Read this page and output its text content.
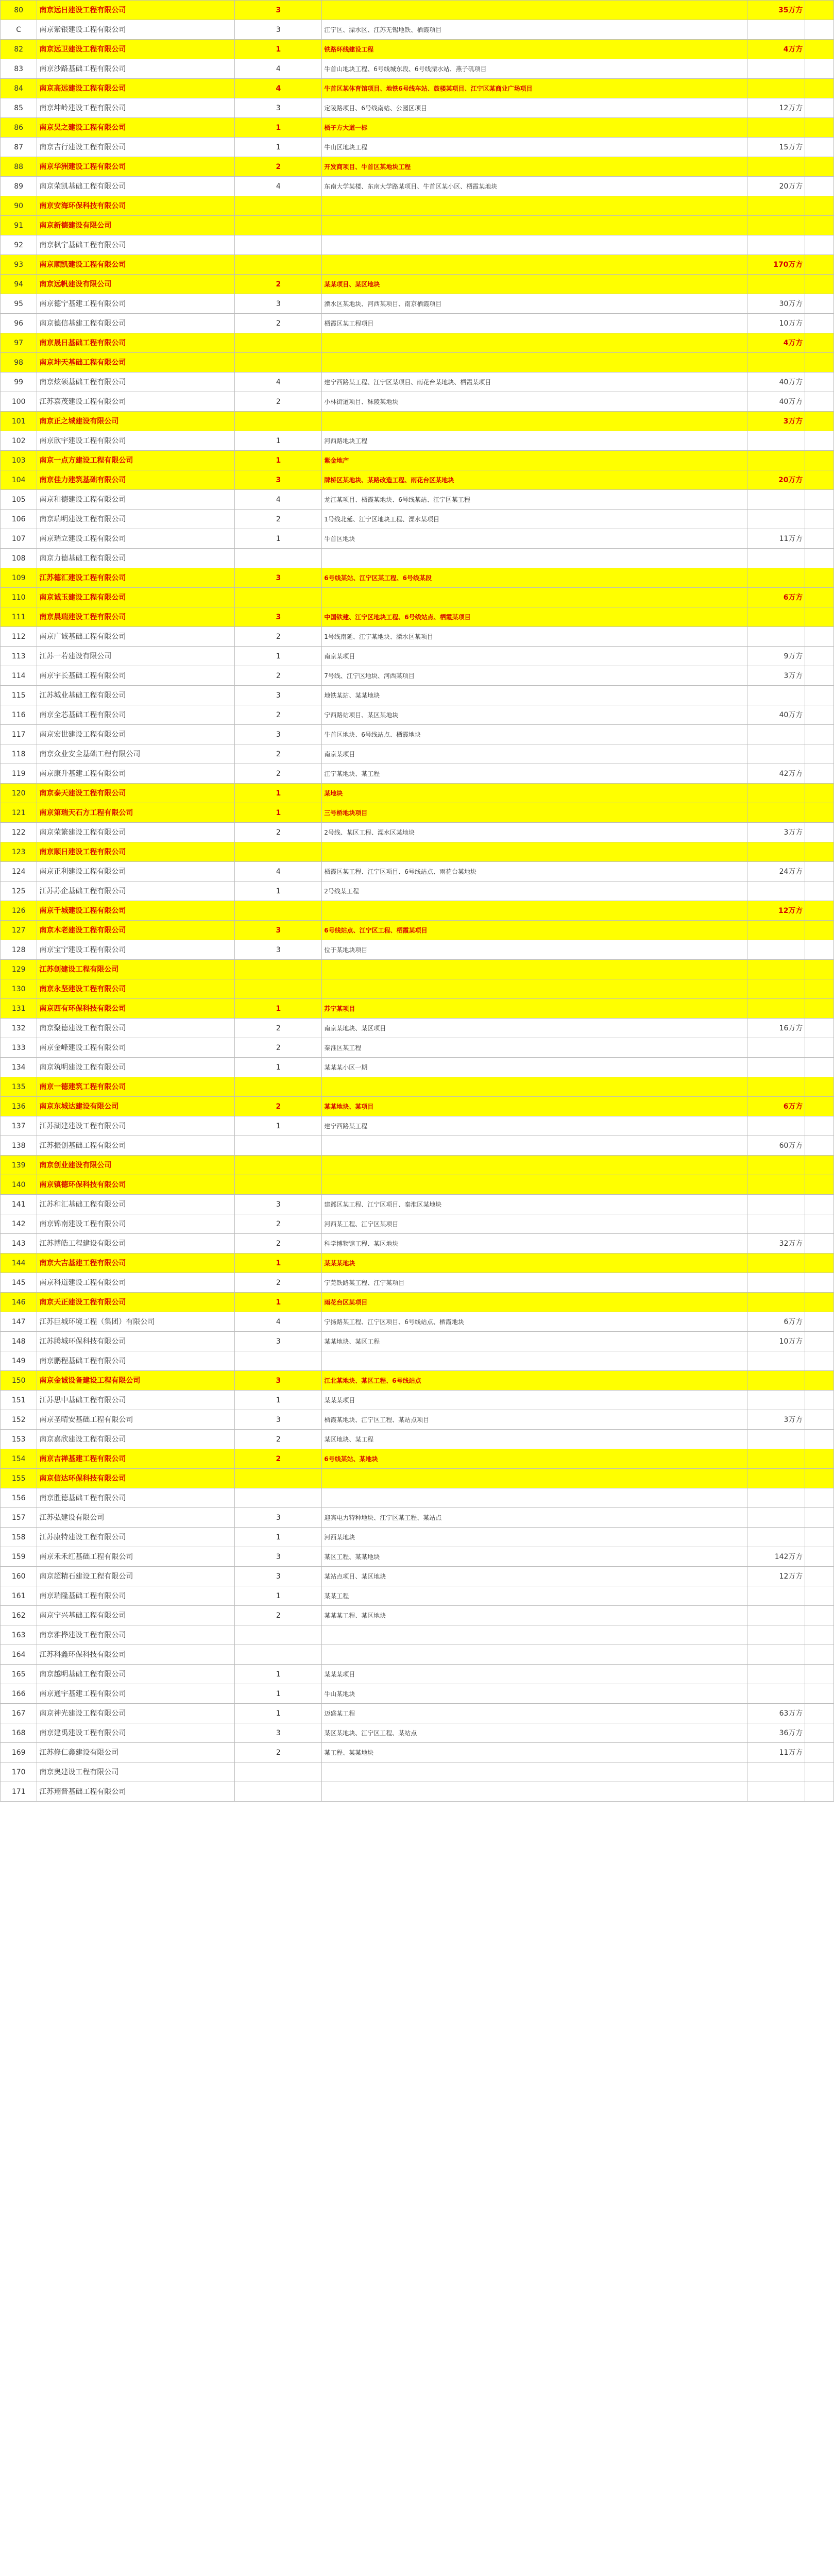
80	南京远日建设工程有限公司	3		35万方	
C	南京紫银建设工程有限公司	3	江宁区、溧水区、江苏无锡地铁、栖霞项目		
82	南京远卫建设工程有限公司	1	铁路环线建设工程	4万方	
83	南京沙路基础工程有限公司	4	牛首山地块工程、6号线城东段、6号线溧水站、燕子矶项目		
84	南京高远建设工程有限公司	4	牛首区某体育馆项目、地铁6号线车站、鼓楼某项目、江宁区某商业广场项目		
85	南京坤岭建设工程有限公司	3	定陵路项目、6号线南站、公园区项目	12万方	
86	南京吴之建设工程有限公司	1	栖子方大道一标		
87	南京吉行建设工程有限公司	1	牛山区地块工程	15万方	
88	南京华洲建设工程有限公司	2	开发商项目、牛首区某地块工程		
89	南京荣凯基础工程有限公司	4	东南大学某楼、东南大学路某项目、牛首区某小区、栖霞某地块	20万方	
90	南京安海环保科技有限公司				
91	南京新德建设有限公司				
92	南京枫宁基础工程有限公司				
93	南京顺凯建设工程有限公司			170万方	
94	南京远帆建设有限公司	2	某某项目、某区地块		
95	南京德宁基建工程有限公司	3	溧水区某地块、河西某项目、南京栖霞项目	30万方	
96	南京德信基建工程有限公司	2	栖霞区某工程项目	10万方	
97	南京晟日基础工程有限公司			4万方	
98	南京坤天基础工程有限公司				
99	南京炫硕基础工程有限公司	4	建宁西路某工程、江宁区某项目、雨花台某地块、栖霞某项目	40万方	
100	江苏嘉茂建设工程有限公司	2	小林街道项目、秣陵某地块	40万方	
101	南京正之城建设有限公司			3万方	
102	南京欣宇建设工程有限公司	1	河西路地块工程		
103	南京一点方建设工程有限公司	1	紫金地产		
104	南京佳力建筑基础有限公司	3	牌桥区某地块、某路改造工程、雨花台区某地块	20万方	
105	南京和德建设工程有限公司	4	龙江某项目、栖霞某地块、6号线某站、江宁区某工程		
106	南京瑞明建设工程有限公司	2	1号线北延、江宁区地块工程、溧水某项目		
107	南京瑞立建设工程有限公司	1	牛首区地块	11万方	
108	南京力德基础工程有限公司				
109	江苏德汇建设工程有限公司	3	6号线某站、江宁区某工程、6号线某段		
110	南京诚玉建设工程有限公司			6万方	
111	南京晨瑞建设工程有限公司	3	中国铁建、江宁区地块工程、6号线站点、栖霞某项目		
112	南京广诚基础工程有限公司	2	1号线南延、江宁某地块、溧水区某项目		
113	江苏一若建设有限公司	1	南京某项目	9万方	
114	南京宇长基础工程有限公司	2	7号线、江宁区地块、河西某项目	3万方	
115	江苏城业基础工程有限公司	3	地铁某站、某某地块		
116	南京全芯基础工程有限公司	2	宁西路站项目、某区某地块	40万方	
117	南京宏世建设工程有限公司	3	牛首区地块、6号线站点、栖霞地块		
118	南京众业安全基础工程有限公司	2	南京某项目		
119	南京康升基建工程有限公司	2	江宁某地块、某工程	42万方	
120	南京泰天建设工程有限公司	1	某地块		
121	南京第瑞天石方工程有限公司	1	三号桥地块项目		
122	南京荣繁建设工程有限公司	2	2号线、某区工程、溧水区某地块	3万方	
123	南京顺日建设工程有限公司				
124	南京正利建设工程有限公司	4	栖霞区某工程、江宁区项目、6号线站点、雨花台某地块	24万方	
125	江苏苏企基础工程有限公司	1	2号线某工程		
126	南京千城建设工程有限公司			12万方	
127	南京木老建设工程有限公司	3	6号线站点、江宁区工程、栖霞某项目		
128	南京宝宁建设工程有限公司	3	位于某地块项目		
129	江苏创建设工程有限公司				
130	南京永坚建设工程有限公司				
131	南京西有环保科技有限公司	1	苏宁某项目		
132	南京聚德建设工程有限公司	2	南京某地块、某区项目	16万方	
133	南京金峰建设工程有限公司	2	秦淮区某工程		
134	南京筑明建设工程有限公司	1	某某某小区一期		
135	南京一德建筑工程有限公司				
136	南京东城达建设有限公司	2	某某地块、某项目	6万方	
137	江苏湖建建设工程有限公司	1	建宁西路某工程		
138	江苏振创基础工程有限公司			60万方	
139	南京创业建设有限公司				
140	南京镇德环保科技有限公司				
141	江苏和汇基础工程有限公司	3	建邺区某工程、江宁区项目、秦淮区某地块		
142	南京锦南建设工程有限公司	2	河西某工程、江宁区某项目		
143	江苏博皓工程建设有限公司	2	科学博物馆工程、某区地块	32万方	
144	南京大吉基建工程有限公司	1	某某某地块		
145	南京科道建设工程有限公司	2	宁芜铁路某工程、江宁某项目		
146	南京天正建设工程有限公司	1	雨花台区某项目		
147	江苏巨城环境工程（集团）有限公司	4	宁扬路某工程、江宁区项目、6号线站点、栖霞地块	6万方	
148	江苏腾城环保科技有限公司	3	某某地块、某区工程	10万方	
149	南京鹏程基础工程有限公司				
150	南京金诚设备建设工程有限公司	3	江北某地块、某区工程、6号线站点		
151	江苏思中基础工程有限公司	1	某某某项目		
152	南京圣晴安基础工程有限公司	3	栖霞某地块、江宁区工程、某站点项目	3万方	
153	南京嘉欣建设工程有限公司	2	某区地块、某工程		
154	南京吉禅基建工程有限公司	2	6号线某站、某地块		
155	南京信达环保科技有限公司				
156	南京胜德基础工程有限公司				
157	江苏弘建设有限公司	3	迎宾电力特种地块、江宁区某工程、某站点		
158	江苏康特建设工程有限公司	1	河西某地块		
159	南京禾禾红基础工程有限公司	3	某区工程、某某地块	142万方	
160	南京超精石建设工程有限公司	3	某站点项目、某区地块	12万方	
161	南京瑞隆基础工程有限公司	1	某某工程		
162	南京宁兴基础工程有限公司	2	某某某工程、某区地块		
163	南京雅桦建设工程有限公司				
164	江苏科鑫环保科技有限公司				
165	南京越明基础工程有限公司	1	某某某项目		
166	南京通宇基建工程有限公司	1	牛山某地块		
167	南京神光建设工程有限公司	1	迈盛某工程	63万方	
168	南京建禹建设工程有限公司	3	某区某地块、江宁区工程、某站点	36万方	
169	江苏修仁鑫建设有限公司	2	某工程、某某地块	11万方	
170	南京奥建设工程有限公司				
171	江苏翔晋基础工程有限公司				
